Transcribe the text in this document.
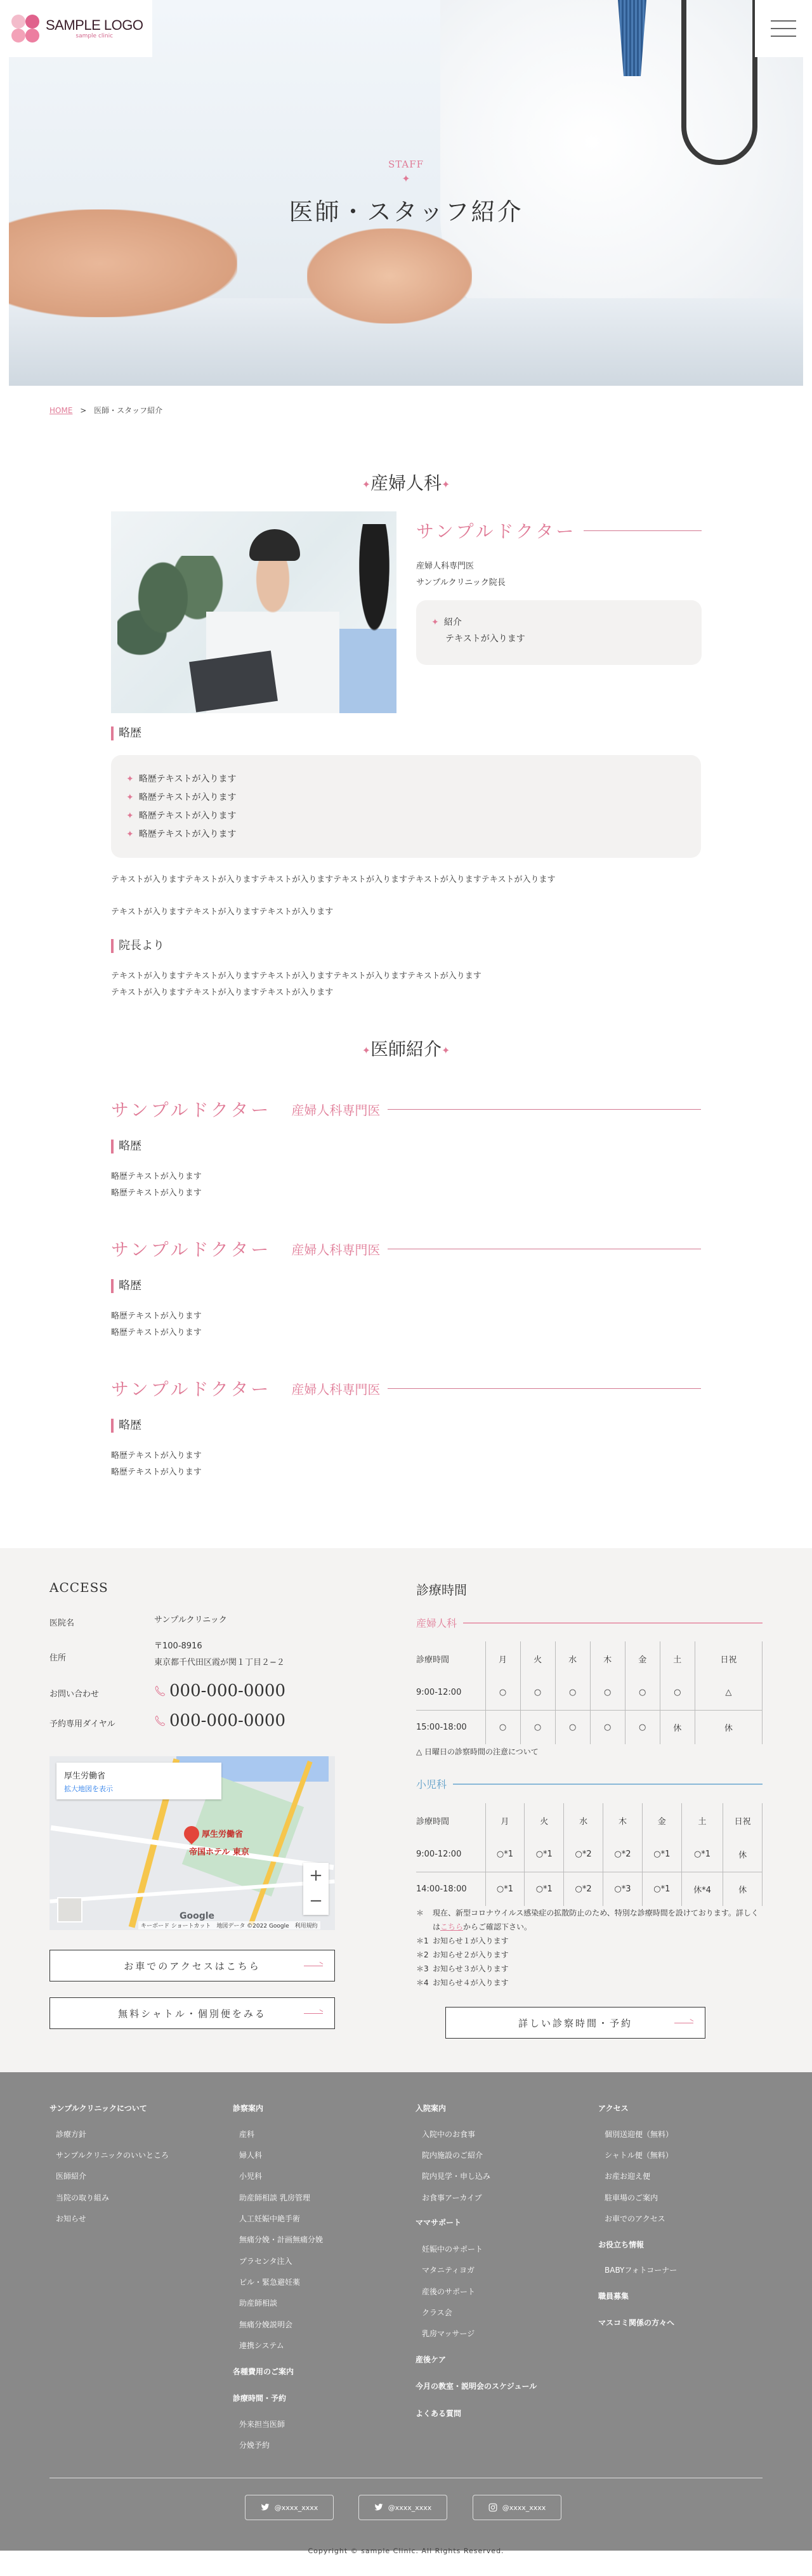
SAMPLE LOGO
sample clinic
STAFF
✦
医師・スタッフ紹介
HOME > 医師・スタッフ紹介
✦産婦人科✦
サンプルドクター
産婦人科専門医
サンプルクリニック院長
✦ 紹介
テキストが入ります
略歴
✦ 略歴テキストが入ります
✦ 略歴テキストが入ります
✦ 略歴テキストが入ります
✦ 略歴テキストが入ります
テキストが入りますテキストが入りますテキストが入りますテキストが入りますテキストが入りますテキストが入ります
テキストが入りますテキストが入りますテキストが入ります
院長より
テキストが入りますテキストが入りますテキストが入りますテキストが入りますテキストが入ります
テキストが入りますテキストが入りますテキストが入ります
✦医師紹介✦
サンプルドクター 産婦人科専門医
略歴
略歴テキストが入ります
略歴テキストが入ります
サンプルドクター 産婦人科専門医
略歴
略歴テキストが入ります
略歴テキストが入ります
サンプルドクター 産婦人科専門医
略歴
略歴テキストが入ります
略歴テキストが入ります
ACCESS
医院名	サンプルクリニック
住所
〒100-8916
東京都千代田区霞が関１丁目２−２
お問い合わせ	000-000-0000
予約専用ダイヤル	000-000-0000
厚生労働省
拡大地図を表示
厚生労働省
帝国ホテル 東京
+
−
Google
キーボード ショートカット　地図データ ©2022 Google　利用規約
お車でのアクセスはこちら
無料シャトル・個別便をみる
診療時間
産婦人科
診療時間	月	火	水	木	金	土	日祝
9:00-12:00	○	○	○	○	○	○	△
15:00-18:00	○	○	○	○	○	休	休
△ 日曜日の診察時間の注意について
小児科
診療時間	月	火	水	木	金	土	日祝
9:00-12:00	○*1	○*1	○*2	○*2	○*1	○*1	休
14:00-18:00	○*1	○*1	○*2	○*3	○*1	休*4	休
＊	現在、新型コロナウイルス感染症の拡散防止のため、特別な診療時間を設けております。詳しくはこちらからご確認下さい。
＊1 お知らせ１が入ります
＊2 お知らせ２が入ります
＊3 お知らせ３が入ります
＊4 お知らせ４が入ります
詳しい診察時間・予約
サンプルクリニックについて
診療方針
サンプルクリニックのいいところ
医師紹介
当院の取り組み
お知らせ
診察案内
産科
婦人科
小児科
助産師相談 乳房管理
人工妊娠中絶手術
無痛分娩・計画無痛分娩
プラセンタ注入
ピル・緊急避妊薬
助産師相談
無痛分娩説明会
連携システム
各種費用のご案内
診療時間・予約
外来担当医師
分娩予約
入院案内
入院中のお食事
院内施設のご紹介
院内見学・申し込み
お食事アーカイブ
ママサポート
妊娠中のサポート
マタニティヨガ
産後のサポート
クラス会
乳房マッサージ
産後ケア
今月の教室・説明会のスケジュール
よくある質問
アクセス
個別送迎便（無料）
シャトル便（無料）
お産お迎え便
駐車場のご案内
お車でのアクセス
お役立ち情報
BABYフォトコーナー
職員募集
マスコミ関係の方々へ
@xxxx_xxxx	@xxxx_xxxx	@xxxx_xxxx
Copyright © sample Clinic. All Rights Reserved.
